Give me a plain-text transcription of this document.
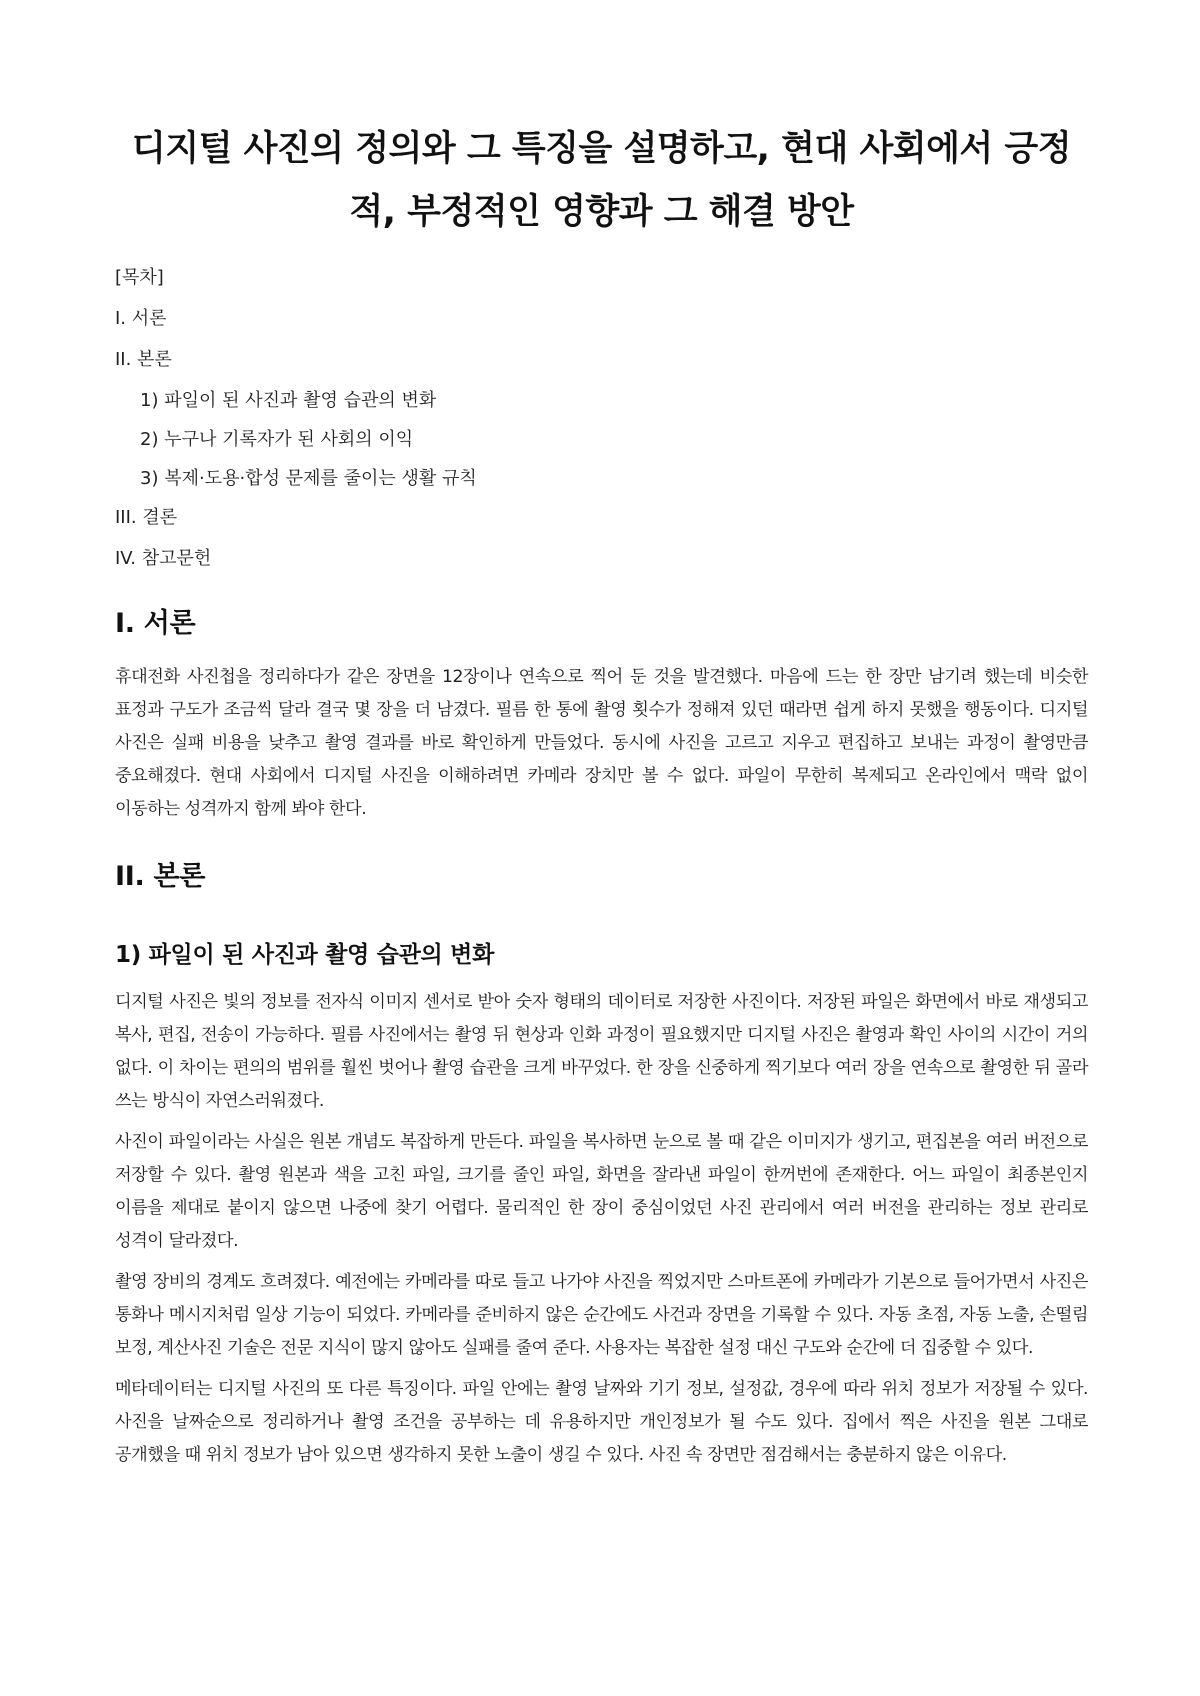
디지털 사진의 정의와 그 특징을 설명하고, 현대 사회에서 긍정적, 부정적인 영향과 그 해결 방안
[목차]
I. 서론
II. 본론
1) 파일이 된 사진과 촬영 습관의 변화
2) 누구나 기록자가 된 사회의 이익
3) 복제·도용·합성 문제를 줄이는 생활 규칙
III. 결론
IV. 참고문헌
I. 서론

휴대전화 사진첩을 정리하다가 같은 장면을 12장이나 연속으로 찍어 둔 것을 발견했다. 마음에 드는 한 장만 남기려 했는데 비슷한 표정과 구도가 조금씩 달라 결국 몇 장을 더 남겼다. 필름 한 통에 촬영 횟수가 정해져 있던 때라면 쉽게 하지 못했을 행동이다. 디지털 사진은 실패 비용을 낮추고 촬영 결과를 바로 확인하게 만들었다. 동시에 사진을 고르고 지우고 편집하고 보내는 과정이 촬영만큼 중요해졌다. 현대 사회에서 디지털 사진을 이해하려면 카메라 장치만 볼 수 없다. 파일이 무한히 복제되고 온라인에서 맥락 없이 이동하는 성격까지 함께 봐야 한다.

II. 본론
1) 파일이 된 사진과 촬영 습관의 변화

디지털 사진은 빛의 정보를 전자식 이미지 센서로 받아 숫자 형태의 데이터로 저장한 사진이다. 저장된 파일은 화면에서 바로 재생되고 복사, 편집, 전송이 가능하다. 필름 사진에서는 촬영 뒤 현상과 인화 과정이 필요했지만 디지털 사진은 촬영과 확인 사이의 시간이 거의 없다. 이 차이는 편의의 범위를 훨씬 벗어나 촬영 습관을 크게 바꾸었다. 한 장을 신중하게 찍기보다 여러 장을 연속으로 촬영한 뒤 골라 쓰는 방식이 자연스러워졌다.

사진이 파일이라는 사실은 원본 개념도 복잡하게 만든다. 파일을 복사하면 눈으로 볼 때 같은 이미지가 생기고, 편집본을 여러 버전으로 저장할 수 있다. 촬영 원본과 색을 고친 파일, 크기를 줄인 파일, 화면을 잘라낸 파일이 한꺼번에 존재한다. 어느 파일이 최종본인지 이름을 제대로 붙이지 않으면 나중에 찾기 어렵다. 물리적인 한 장이 중심이었던 사진 관리에서 여러 버전을 관리하는 정보 관리로 성격이 달라졌다.

촬영 장비의 경계도 흐려졌다. 예전에는 카메라를 따로 들고 나가야 사진을 찍었지만 스마트폰에 카메라가 기본으로 들어가면서 사진은 통화나 메시지처럼 일상 기능이 되었다. 카메라를 준비하지 않은 순간에도 사건과 장면을 기록할 수 있다. 자동 초점, 자동 노출, 손떨림 보정, 계산사진 기술은 전문 지식이 많지 않아도 실패를 줄여 준다. 사용자는 복잡한 설정 대신 구도와 순간에 더 집중할 수 있다.

메타데이터는 디지털 사진의 또 다른 특징이다. 파일 안에는 촬영 날짜와 기기 정보, 설정값, 경우에 따라 위치 정보가 저장될 수 있다. 사진을 날짜순으로 정리하거나 촬영 조건을 공부하는 데 유용하지만 개인정보가 될 수도 있다. 집에서 찍은 사진을 원본 그대로 공개했을 때 위치 정보가 남아 있으면 생각하지 못한 노출이 생길 수 있다. 사진 속 장면만 점검해서는 충분하지 않은 이유다.
